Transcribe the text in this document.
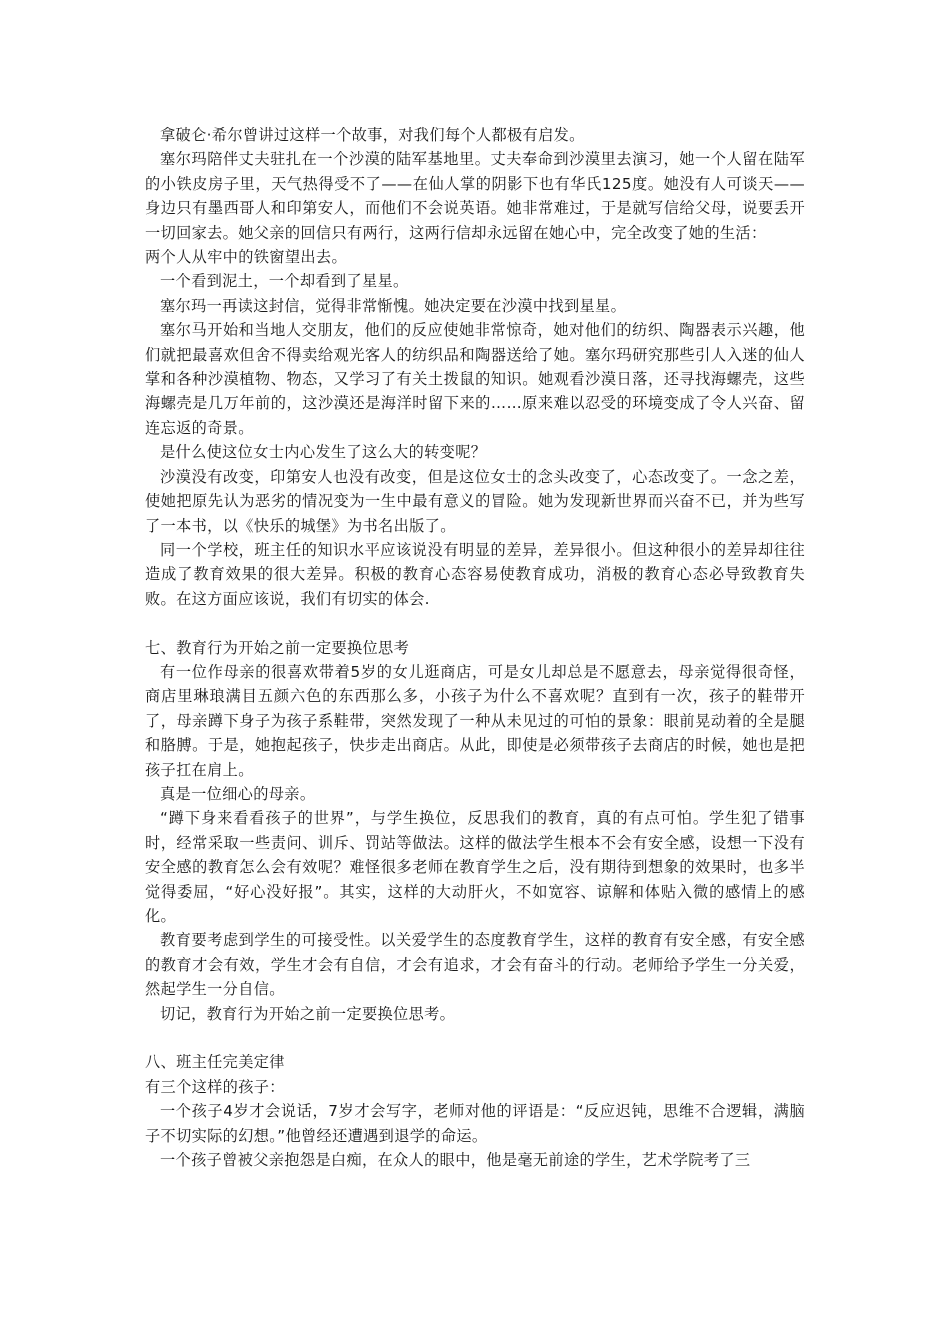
拿破仑·希尔曾讲过这样一个故事，对我们每个人都极有启发。

塞尔玛陪伴丈夫驻扎在一个沙漠的陆军基地里。丈夫奉命到沙漠里去演习，她一个人留在陆军的小铁皮房子里，天气热得受不了——在仙人掌的阴影下也有华氏125度。她没有人可谈天——身边只有墨西哥人和印第安人，而他们不会说英语。她非常难过，于是就写信给父母，说要丢开一切回家去。她父亲的回信只有两行，这两行信却永远留在她心中，完全改变了她的生活：

两个人从牢中的铁窗望出去。

一个看到泥土，一个却看到了星星。

塞尔玛一再读这封信，觉得非常惭愧。她决定要在沙漠中找到星星。

塞尔马开始和当地人交朋友，他们的反应使她非常惊奇，她对他们的纺织、陶器表示兴趣，他们就把最喜欢但舍不得卖给观光客人的纺织品和陶器送给了她。塞尔玛研究那些引人入迷的仙人掌和各种沙漠植物、物态，又学习了有关土拨鼠的知识。她观看沙漠日落，还寻找海螺壳，这些海螺壳是几万年前的，这沙漠还是海洋时留下来的……原来难以忍受的环境变成了令人兴奋、留连忘返的奇景。

是什么使这位女士内心发生了这么大的转变呢？

沙漠没有改变，印第安人也没有改变，但是这位女士的念头改变了，心态改变了。一念之差，使她把原先认为恶劣的情况变为一生中最有意义的冒险。她为发现新世界而兴奋不已，并为些写了一本书，以《快乐的城堡》为书名出版了。

同一个学校，班主任的知识水平应该说没有明显的差异，差异很小。但这种很小的差异却往往造成了教育效果的很大差异。积极的教育心态容易使教育成功，消极的教育心态必导致教育失败。在这方面应该说，我们有切实的体会.

七、教育行为开始之前一定要换位思考

有一位作母亲的很喜欢带着5岁的女儿逛商店，可是女儿却总是不愿意去，母亲觉得很奇怪，商店里琳琅满目五颜六色的东西那么多，小孩子为什么不喜欢呢？直到有一次，孩子的鞋带开了，母亲蹲下身子为孩子系鞋带，突然发现了一种从未见过的可怕的景象：眼前晃动着的全是腿和胳膊。于是，她抱起孩子，快步走出商店。从此，即使是必须带孩子去商店的时候，她也是把孩子扛在肩上。

真是一位细心的母亲。

“蹲下身来看看孩子的世界”，与学生换位，反思我们的教育，真的有点可怕。学生犯了错事时，经常采取一些责问、训斥、罚站等做法。这样的做法学生根本不会有安全感，设想一下没有安全感的教育怎么会有效呢？难怪很多老师在教育学生之后，没有期待到想象的效果时，也多半觉得委屈，“好心没好报”。其实，这样的大动肝火，不如宽容、谅解和体贴入微的感情上的感化。

教育要考虑到学生的可接受性。以关爱学生的态度教育学生，这样的教育有安全感，有安全感的教育才会有效，学生才会有自信，才会有追求，才会有奋斗的行动。老师给予学生一分关爱，然起学生一分自信。

切记，教育行为开始之前一定要换位思考。

八、班主任完美定律

有三个这样的孩子：

一个孩子4岁才会说话，7岁才会写字，老师对他的评语是：“反应迟钝，思维不合逻辑，满脑子不切实际的幻想。”他曾经还遭遇到退学的命运。

一个孩子曾被父亲抱怨是白痴，在众人的眼中，他是毫无前途的学生，艺术学院考了三
